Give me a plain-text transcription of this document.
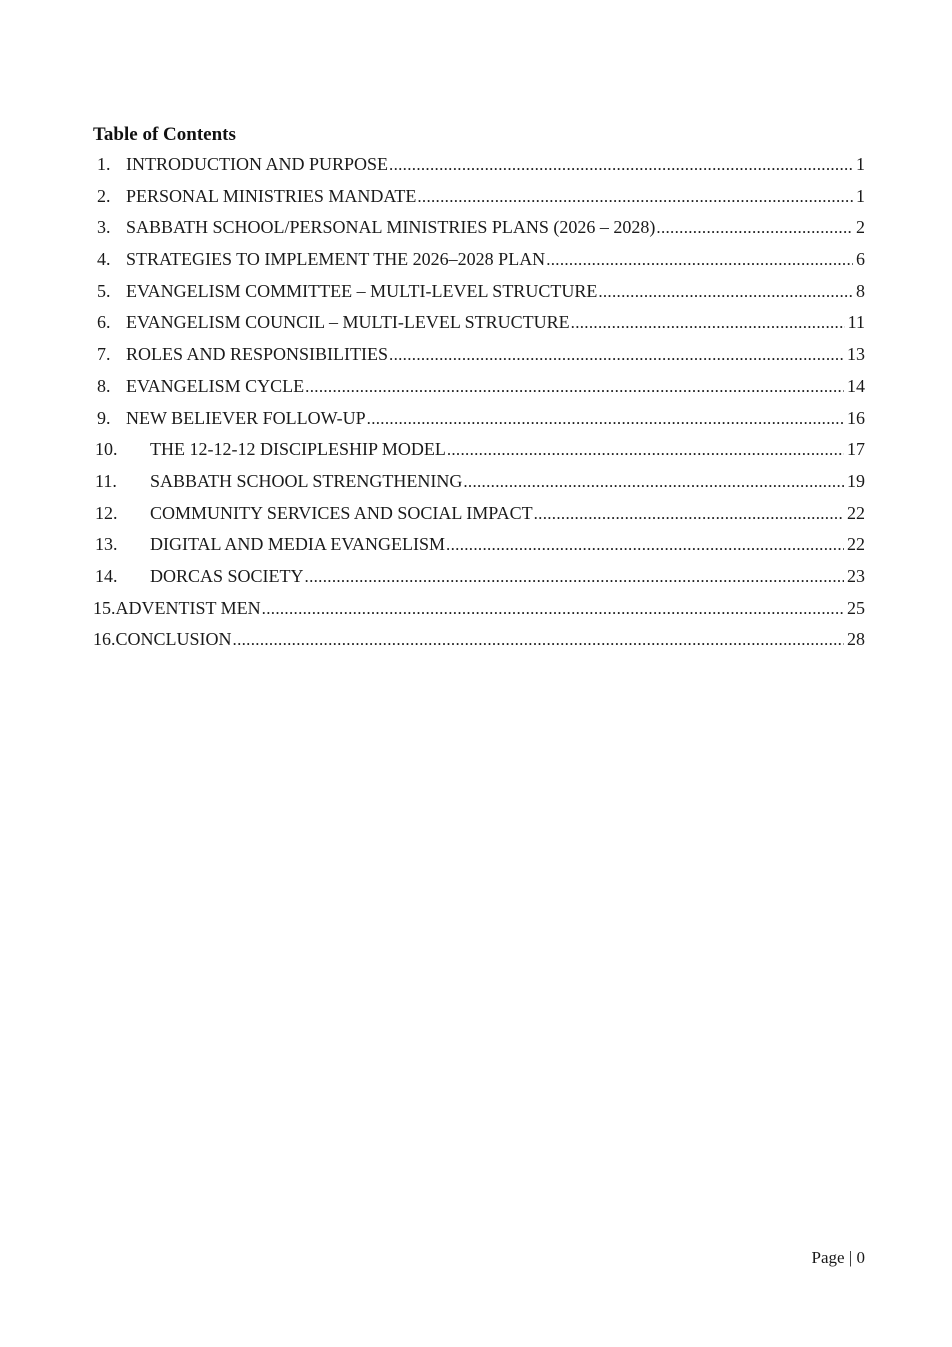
Table of Contents
1. INTRODUCTION AND PURPOSE .....	1
2. PERSONAL MINISTRIES MANDATE .....	1
3. SABBATH SCHOOL/PERSONAL MINISTRIES PLANS (2026 – 2028) .....	2
4. STRATEGIES TO IMPLEMENT THE 2026–2028 PLAN .....	6
5. EVANGELISM COMMITTEE – MULTI-LEVEL STRUCTURE .....	8
6. EVANGELISM COUNCIL – MULTI-LEVEL STRUCTURE .....	11
7. ROLES AND RESPONSIBILITIES .....	13
8. EVANGELISM CYCLE .....	14
9. NEW BELIEVER FOLLOW-UP .....	16
10.	THE 12-12-12 DISCIPLESHIP MODEL .....	17
11.	SABBATH SCHOOL STRENGTHENING .....	19
12.	COMMUNITY SERVICES AND SOCIAL IMPACT .....	22
13.	DIGITAL AND MEDIA EVANGELISM .....	22
14.	DORCAS SOCIETY .....	23
15. ADVENTIST MEN .....	25
16. CONCLUSION .....	28
Page | 0
